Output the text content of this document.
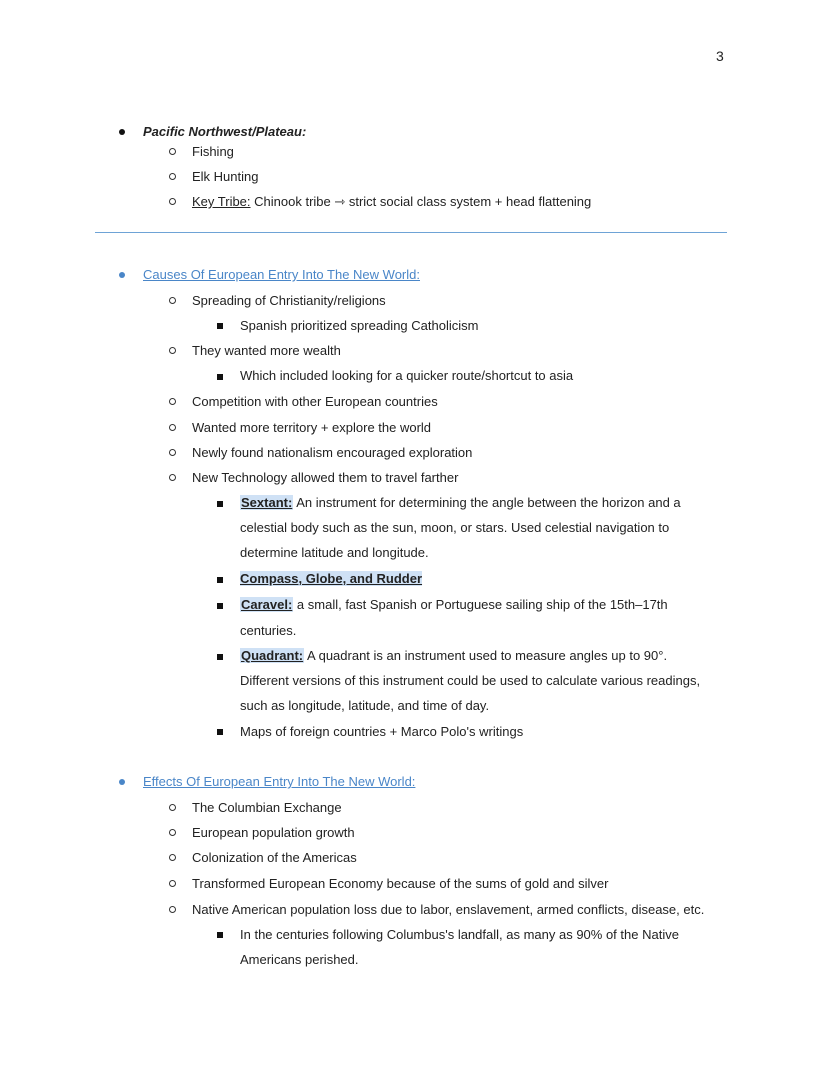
3
Pacific Northwest/Plateau:
Fishing
Elk Hunting
Key Tribe: Chinook tribe ⇾ strict social class system + head flattening
Causes Of European Entry Into The New World:
Spreading of Christianity/religions
Spanish prioritized spreading Catholicism
They wanted more wealth
Which included looking for a quicker route/shortcut to asia
Competition with other European countries
Wanted more territory + explore the world
Newly found nationalism encouraged exploration
New Technology allowed them to travel farther
Sextant: An instrument for determining the angle between the horizon and a
celestial body such as the sun, moon, or stars. Used celestial navigation to
determine latitude and longitude.
Compass, Globe, and Rudder
Caravel: a small, fast Spanish or Portuguese sailing ship of the 15th–17th
centuries.
Quadrant: A quadrant is an instrument used to measure angles up to 90°.
Different versions of this instrument could be used to calculate various readings,
such as longitude, latitude, and time of day.
Maps of foreign countries + Marco Polo's writings
Effects Of European Entry Into The New World:
The Columbian Exchange
European population growth
Colonization of the Americas
Transformed European Economy because of the sums of gold and silver
Native American population loss due to labor, enslavement, armed conflicts, disease, etc.
In the centuries following Columbus's landfall, as many as 90% of the Native
Americans perished.
